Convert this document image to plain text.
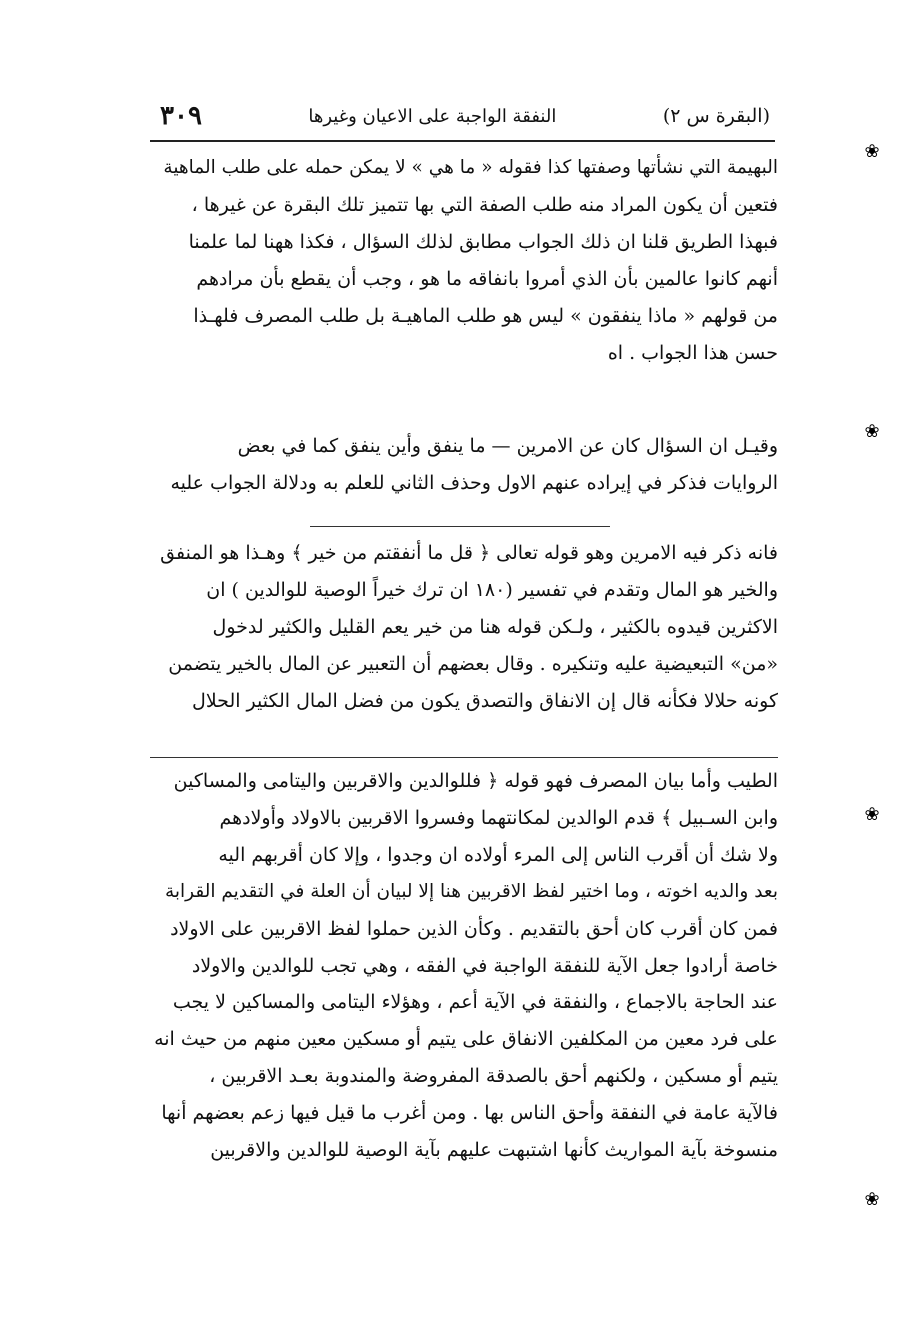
(البقرة س ٢)
النفقة الواجبة على الاعيان وغيرها
٣٠٩
البهيمة التي نشأتها وصفتها كذا فقوله « ما هي » لا يمكن حمله على طلب الماهية
فتعين أن يكون المراد منه طلب الصفة التي بها تتميز تلك البقرة عن غيرها ،
فبهذا الطريق قلنا ان ذلك الجواب مطابق لذلك السؤال ، فكذا ههنا لما علمنا
أنهم كانوا عالمين بأن الذي أمروا بانفاقه ما هو ، وجب أن يقطع بأن مرادهم
من قولهم « ماذا ينفقون » ليس هو طلب الماهيـة بل طلب المصرف فلهـذا
حسن هذا الجواب . اه
وقيـل ان السؤال كان عن الامرين — ما ينفق وأين ينفق كما في بعض
الروايات فذكر في إيراده عنهم الاول وحذف الثاني للعلم به ودلالة الجواب عليه
فانه ذكر فيه الامرين وهو قوله تعالى ﴿ قل ما أنفقتم من خير ﴾ وهـذا هو المنفق
والخير هو المال وتقدم في تفسير (١٨٠ ان ترك خيراً الوصية للوالدين ) ان
الاكثرين قيدوه بالكثير ، ولـكن قوله هنا من خير يعم القليل والكثير لدخول
«من» التبعيضية عليه وتنكيره . وقال بعضهم أن التعبير عن المال بالخير يتضمن
كونه حلالا فكأنه قال إن الانفاق والتصدق يكون من فضل المال الكثير الحلال
الطيب وأما بيان المصرف فهو قوله ﴿ فللوالدين والاقربين واليتامى والمساكين
وابن السـبيل ﴾ قدم الوالدين لمكانتهما وفسروا الاقربين بالاولاد وأولادهم
ولا شك أن أقرب الناس إلى المرء أولاده ان وجدوا ، وإلا كان أقربهم اليه
بعد والديه اخوته ، وما اختير لفظ الاقربين هنا إلا لبيان أن العلة في التقديم القرابة
فمن كان أقرب كان أحق بالتقديم . وكأن الذين حملوا لفظ الاقربين على الاولاد
خاصة أرادوا جعل الآية للنفقة الواجبة في الفقه ، وهي تجب للوالدين والاولاد
عند الحاجة بالاجماع ، والنفقة في الآية أعم ، وهؤلاء اليتامى والمساكين لا يجب
على فرد معين من المكلفين الانفاق على يتيم أو مسكين معين منهم من حيث انه
يتيم أو مسكين ، ولكنهم أحق بالصدقة المفروضة والمندوبة بعـد الاقربين ،
فالآية عامة في النفقة وأحق الناس بها . ومن أغرب ما قيل فيها زعم بعضهم أنها
منسوخة بآية المواريث كأنها اشتبهت عليهم بآية الوصية للوالدين والاقربين
❀
❀
❀
❀
